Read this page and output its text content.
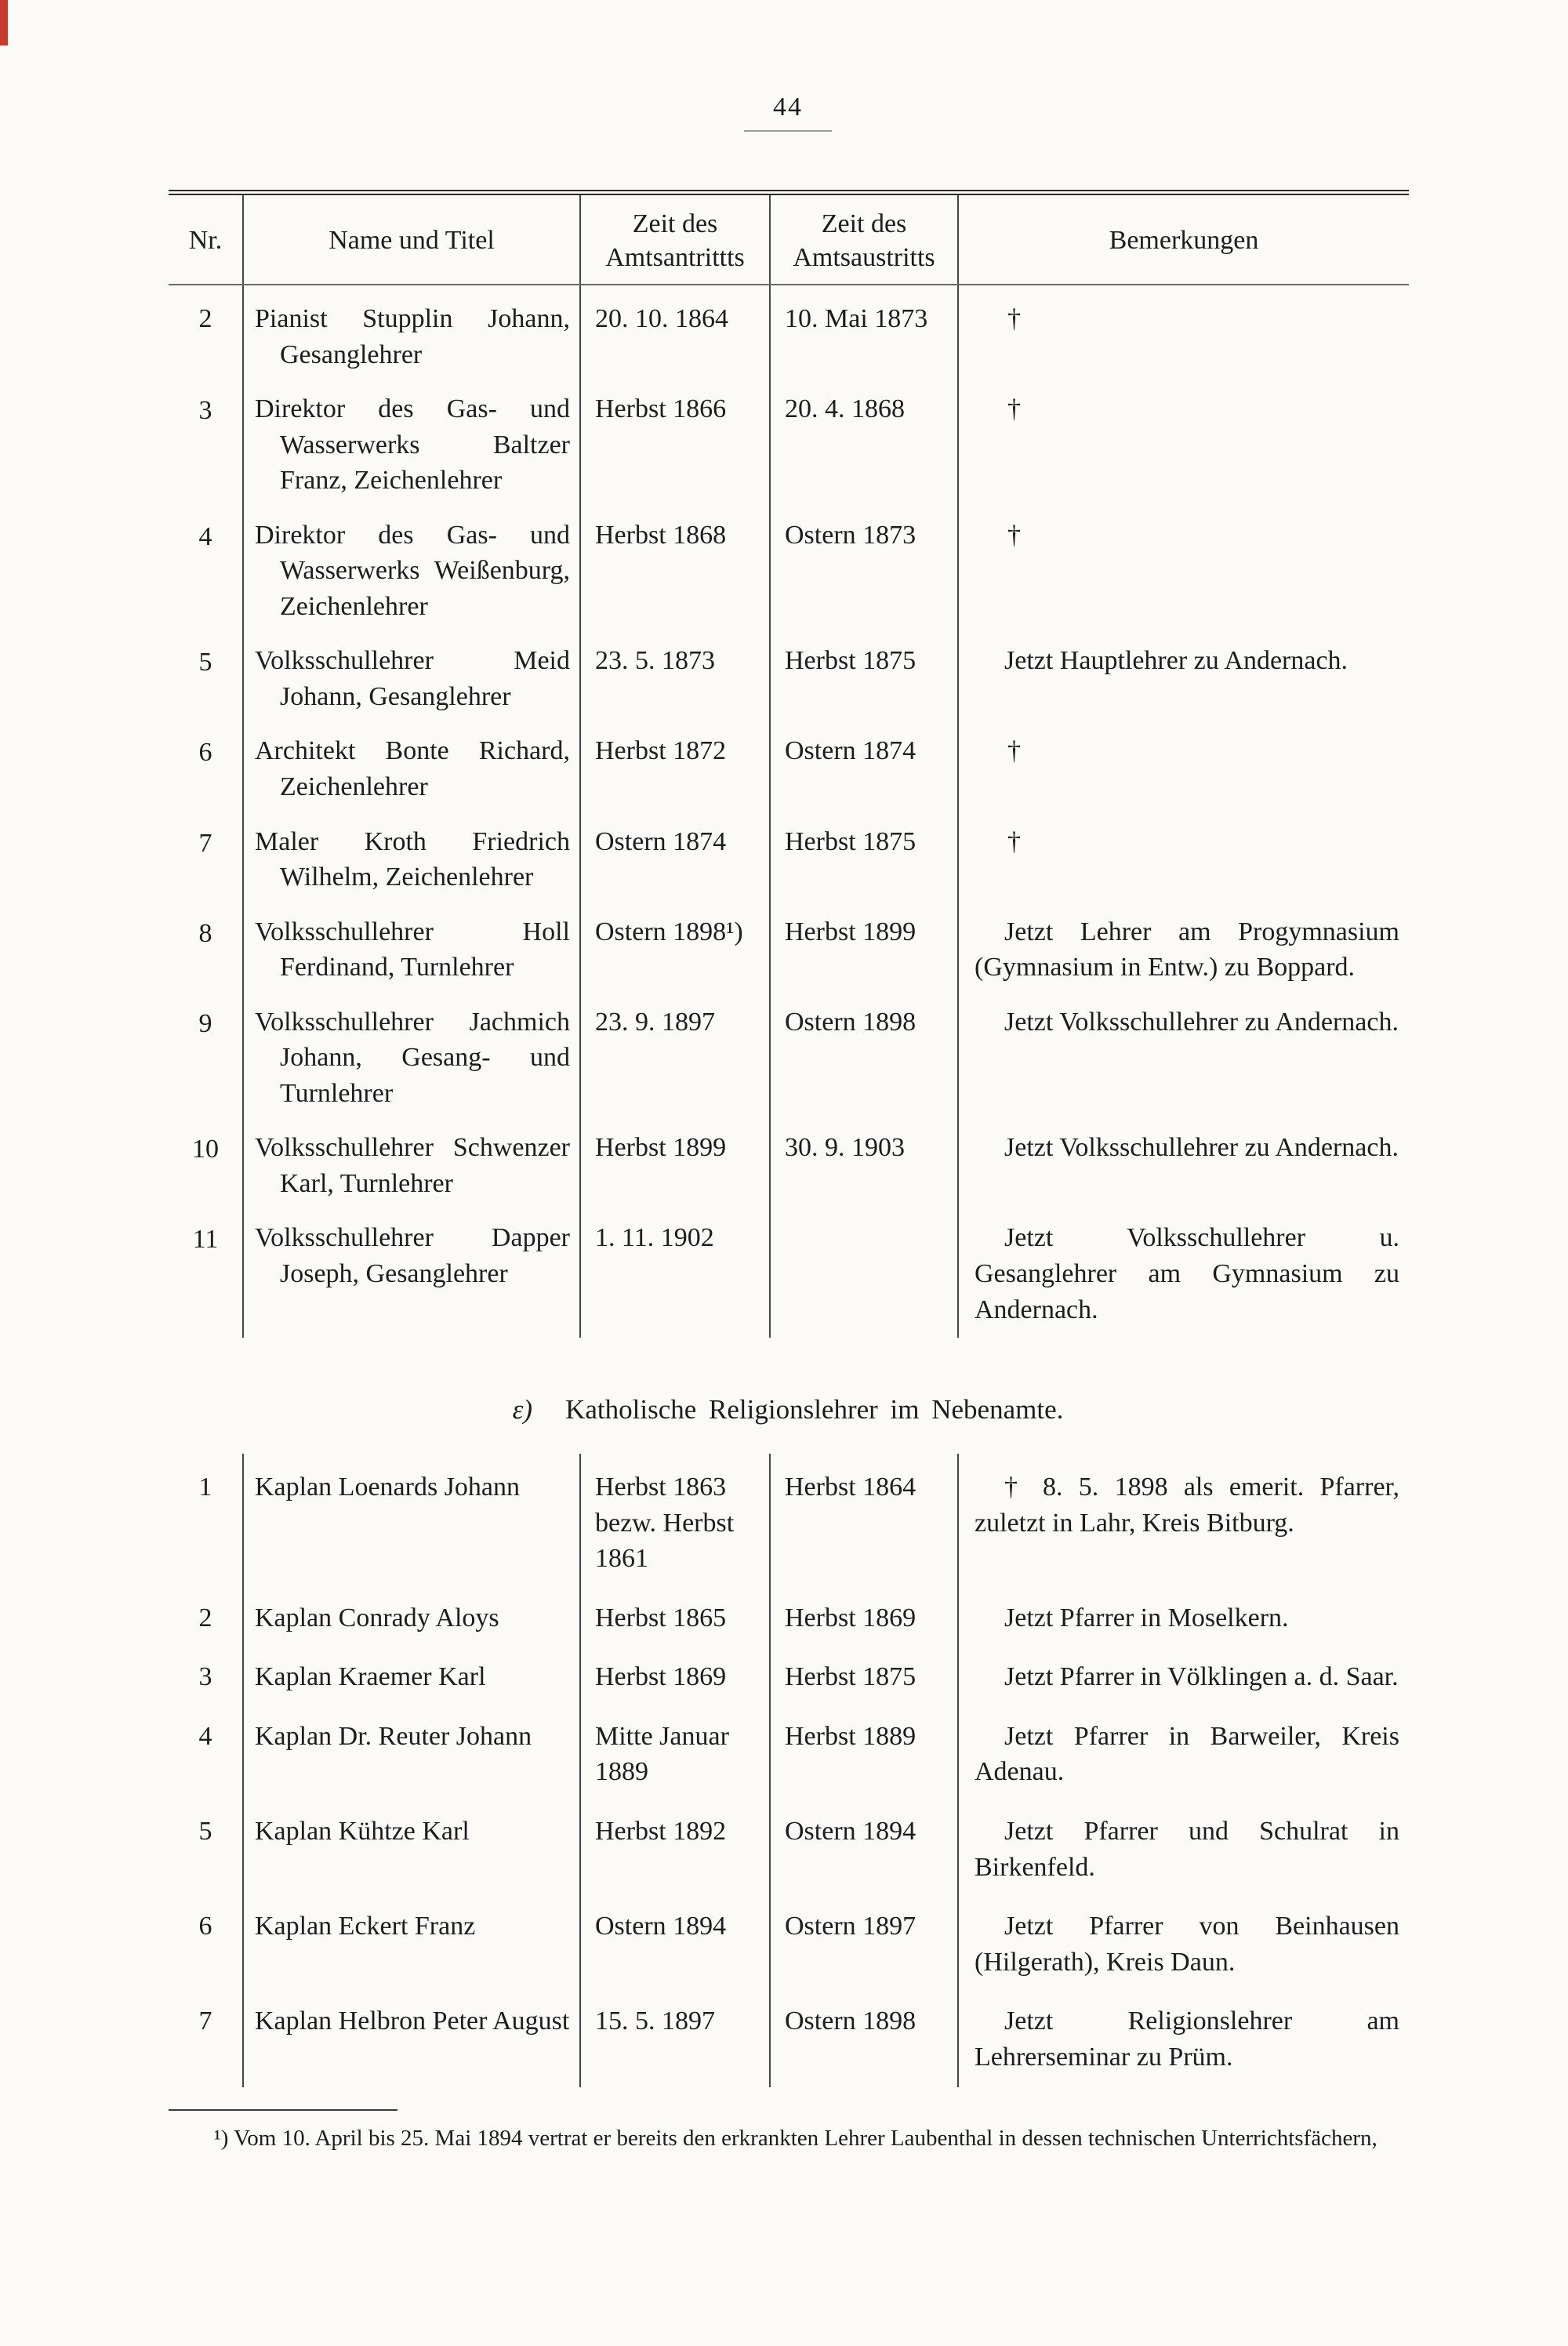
44
Nr.	Name und Titel	Zeit des Amtsantrittts	Zeit des Amtsaustritts	Bemerkungen
2	Pianist Stupplin Johann, Gesanglehrer	20. 10. 1864	10. Mai 1873	†
3	Direktor des Gas- und Wasserwerks Baltzer Franz, Zeichenlehrer	Herbst 1866	20. 4. 1868	†
4	Direktor des Gas- und Wasserwerks Weißenburg, Zeichenlehrer	Herbst 1868	Ostern 1873	†
5	Volksschullehrer Meid Johann, Gesanglehrer	23. 5. 1873	Herbst 1875	Jetzt Hauptlehrer zu Andernach.
6	Architekt Bonte Richard, Zeichenlehrer	Herbst 1872	Ostern 1874	†
7	Maler Kroth Friedrich Wilhelm, Zeichenlehrer	Ostern 1874	Herbst 1875	†
8	Volksschullehrer Holl Ferdinand, Turnlehrer	Ostern 1898¹)	Herbst 1899	Jetzt Lehrer am Progymnasium (Gymnasium in Entw.) zu Boppard.
9	Volksschullehrer Jachmich Johann, Gesang- und Turnlehrer	23. 9. 1897	Ostern 1898	Jetzt Volksschullehrer zu Andernach.
10	Volksschullehrer Schwenzer Karl, Turnlehrer	Herbst 1899	30. 9. 1903	Jetzt Volksschullehrer zu Andernach.
11	Volksschullehrer Dapper Joseph, Gesanglehrer	1. 11. 1902		Jetzt Volksschullehrer u. Gesanglehrer am Gymnasium zu Andernach.
ε) Katholische Religionslehrer im Nebenamte.
1	Kaplan Loenards Johann	Herbst 1863 bezw. Herbst 1861	Herbst 1864	† 8. 5. 1898 als emerit. Pfarrer, zuletzt in Lahr, Kreis Bitburg.
2	Kaplan Conrady Aloys	Herbst 1865	Herbst 1869	Jetzt Pfarrer in Moselkern.
3	Kaplan Kraemer Karl	Herbst 1869	Herbst 1875	Jetzt Pfarrer in Völklingen a. d. Saar.
4	Kaplan Dr. Reuter Johann	Mitte Januar 1889	Herbst 1889	Jetzt Pfarrer in Barweiler, Kreis Adenau.
5	Kaplan Kühtze Karl	Herbst 1892	Ostern 1894	Jetzt Pfarrer und Schulrat in Birkenfeld.
6	Kaplan Eckert Franz	Ostern 1894	Ostern 1897	Jetzt Pfarrer von Beinhausen (Hilgerath), Kreis Daun.
7	Kaplan Helbron Peter August	15. 5. 1897	Ostern 1898	Jetzt Religionslehrer am Lehrerseminar zu Prüm.
¹) Vom 10. April bis 25. Mai 1894 vertrat er bereits den erkrankten Lehrer Laubenthal in dessen technischen Unterrichtsfächern,
